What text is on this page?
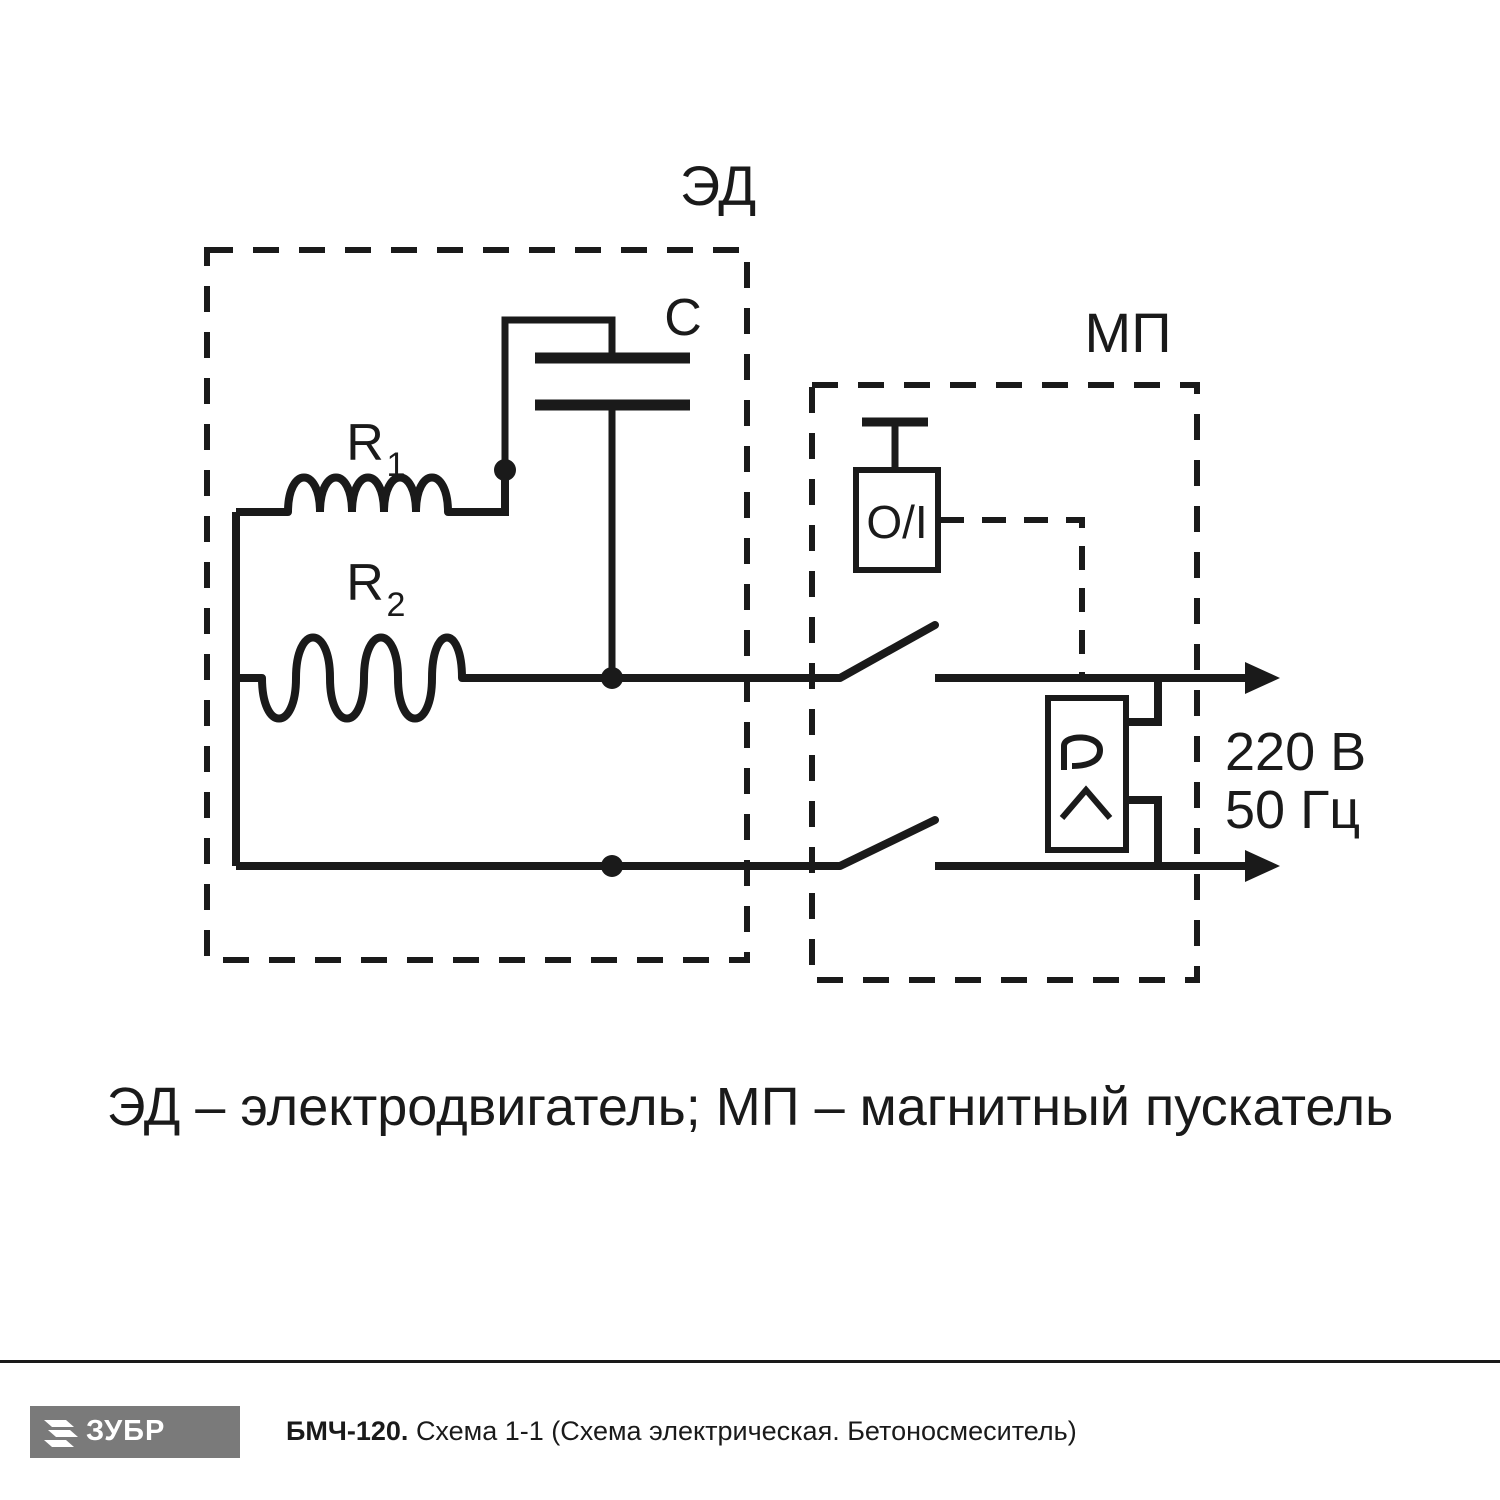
O/I
ЭД
МП
C
R 1
R 2
220 В
50 Гц
ЭД – электродвигатель; МП – магнитный пускатель
ЗУБР	БМЧ-120. Схема 1-1 (Схема электрическая. Бетоносмеситель)
